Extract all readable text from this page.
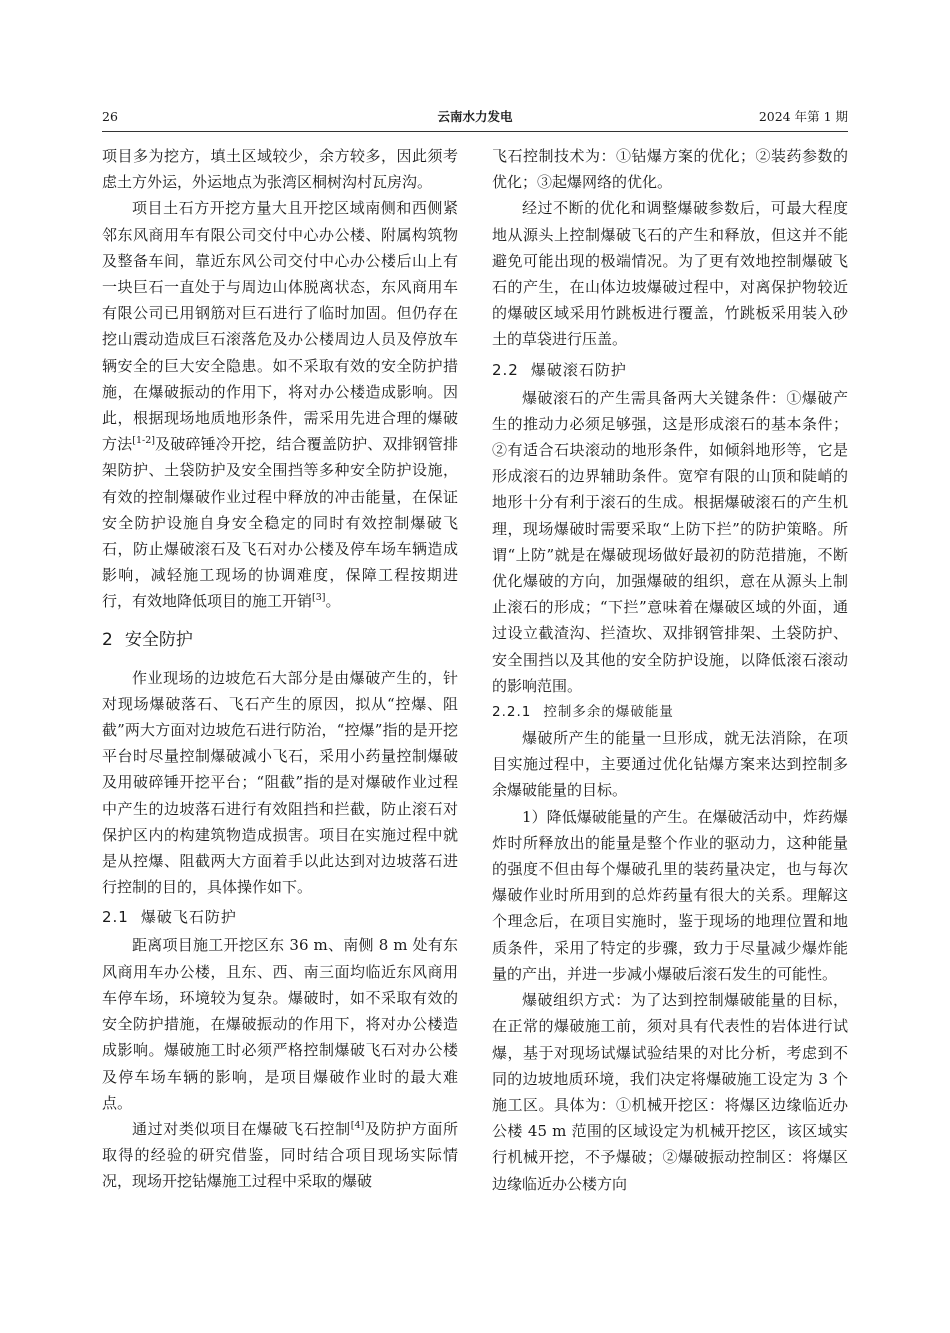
26	云南水力发电	2024 年第 1 期

项目多为挖方，填土区域较少，余方较多，因此须考虑土方外运，外运地点为张湾区桐树沟村瓦房沟。

项目土石方开挖方量大且开挖区域南侧和西侧紧邻东风商用车有限公司交付中心办公楼、附属构筑物及整备车间，靠近东风公司交付中心办公楼后山上有一块巨石一直处于与周边山体脱离状态，东风商用车有限公司已用钢筋对巨石进行了临时加固。但仍存在挖山震动造成巨石滚落危及办公楼周边人员及停放车辆安全的巨大安全隐患。如不采取有效的安全防护措施，在爆破振动的作用下，将对办公楼造成影响。因此，根据现场地质地形条件，需采用先进合理的爆破方法[1-2]及破碎锤冷开挖，结合覆盖防护、双排钢管排架防护、土袋防护及安全围挡等多种安全防护设施，有效的控制爆破作业过程中释放的冲击能量，在保证安全防护设施自身安全稳定的同时有效控制爆破飞石，防止爆破滚石及飞石对办公楼及停车场车辆造成影响，减轻施工现场的协调难度，保障工程按期进行，有效地降低项目的施工开销[3]。

2 安全防护

作业现场的边坡危石大部分是由爆破产生的，针对现场爆破落石、飞石产生的原因，拟从“控爆、阻截”两大方面对边坡危石进行防治，“控爆”指的是开挖平台时尽量控制爆破减小飞石，采用小药量控制爆破及用破碎锤开挖平台；“阻截”指的是对爆破作业过程中产生的边坡落石进行有效阻挡和拦截，防止滚石对保护区内的构建筑物造成损害。项目在实施过程中就是从控爆、阻截两大方面着手以此达到对边坡落石进行控制的目的，具体操作如下。

2.1 爆破飞石防护

距离项目施工开挖区东 36 m、南侧 8 m 处有东风商用车办公楼，且东、西、南三面均临近东风商用车停车场，环境较为复杂。爆破时，如不采取有效的安全防护措施，在爆破振动的作用下，将对办公楼造成影响。爆破施工时必须严格控制爆破飞石对办公楼及停车场车辆的影响，是项目爆破作业时的最大难点。

通过对类似项目在爆破飞石控制[4]及防护方面所取得的经验的研究借鉴，同时结合项目现场实际情况，现场开挖钻爆施工过程中采取的爆破

飞石控制技术为：①钻爆方案的优化；②装药参数的优化；③起爆网络的优化。

经过不断的优化和调整爆破参数后，可最大程度地从源头上控制爆破飞石的产生和释放，但这并不能避免可能出现的极端情况。为了更有效地控制爆破飞石的产生，在山体边坡爆破过程中，对离保护物较近的爆破区域采用竹跳板进行覆盖，竹跳板采用装入砂土的草袋进行压盖。

2.2 爆破滚石防护

爆破滚石的产生需具备两大关键条件：①爆破产生的推动力必须足够强，这是形成滚石的基本条件；②有适合石块滚动的地形条件，如倾斜地形等，它是形成滚石的边界辅助条件。宽窄有限的山顶和陡峭的地形十分有利于滚石的生成。根据爆破滚石的产生机理，现场爆破时需要采取“上防下拦”的防护策略。所谓“上防”就是在爆破现场做好最初的防范措施，不断优化爆破的方向，加强爆破的组织，意在从源头上制止滚石的形成；“下拦”意味着在爆破区域的外面，通过设立截渣沟、拦渣坎、双排钢管排架、土袋防护、安全围挡以及其他的安全防护设施，以降低滚石滚动的影响范围。

2.2.1 控制多余的爆破能量

爆破所产生的能量一旦形成，就无法消除，在项目实施过程中，主要通过优化钻爆方案来达到控制多余爆破能量的目标。

1）降低爆破能量的产生。在爆破活动中，炸药爆炸时所释放出的能量是整个作业的驱动力，这种能量的强度不但由每个爆破孔里的装药量决定，也与每次爆破作业时所用到的总炸药量有很大的关系。理解这个理念后，在项目实施时，鉴于现场的地理位置和地质条件，采用了特定的步骤，致力于尽量减少爆炸能量的产出，并进一步减小爆破后滚石发生的可能性。

爆破组织方式：为了达到控制爆破能量的目标，在正常的爆破施工前，须对具有代表性的岩体进行试爆，基于对现场试爆试验结果的对比分析，考虑到不同的边坡地质环境，我们决定将爆破施工设定为 3 个施工区。具体为：①机械开挖区：将爆区边缘临近办公楼 45 m 范围的区域设定为机械开挖区，该区域实行机械开挖，不予爆破；②爆破振动控制区：将爆区边缘临近办公楼方向
